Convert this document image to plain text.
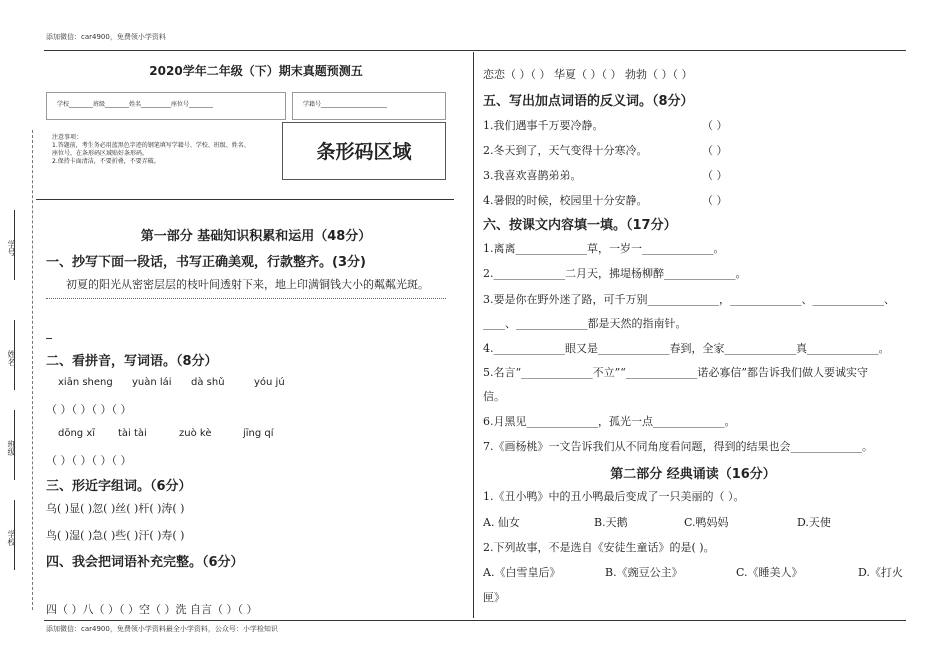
添加微信：car4900，免费领小学资料
添加微信：car4900，免费领小学资料最全小学资料，公众号：小学检知识
学号
姓名
班级
学校
2020学年二年级（下）期末真题预测五
学校________班级________姓名__________座位号________	学籍号______________________
注意事项：
1.答题前，考生务必用蓝黑色字迹的钢笔填写学籍号、学校、班级、姓名、
座位号，在条形码区域贴好条形码。
2.保持卡面清洁，不要折叠，不要弄破。	条形码区域
第一部分 基础知识积累和运用（48分）
一、抄写下面一段话，书写正确美观，行款整齐。(3分)
初夏的阳光从密密层层的枝叶间透射下来，地上印满铜钱大小的粼粼光斑。
二、看拼音，写词语。（8分）
xiān sheng yuàn lái dà shǔ	yóu jú
（ ）（ ）（ ）（ ）
dōng xī tài tài	zuò kè	jīng qí
（ ）（ ）（ ）（ ）
三、形近字组词。（6分）
乌( )显( )忽( )丝( )杆( )涛( )
鸟( )湿( )急( )些( )汗( )寿( )
四、我会把词语补充完整。（6分）
四（ ）八（ ）（ ）空（ ）洗 自言（ ）（ ）
恋恋（ ）（ ） 华夏（ ）（ ） 勃勃（ ）（ ）
五、写出加点词语的反义词。（8分）
1.我们遇事千万要冷静。	（ ）
2.冬天到了，天气变得十分寒冷。	（ ）
3.我喜欢喜鹊弟弟。	（ ）
4.暑假的时候，校园里十分安静。	（ ）
六、按课文内容填一填。（17分）
1.离离_____________草，一岁一_____________。
2._____________二月天，拂堤杨柳醉_____________。
3.要是你在野外迷了路，可千万别_____________，_____________、_____________、
____、_____________都是天然的指南针。
4._____________眼又是_____________春到，全家_____________真_____________。
5.名言“_____________不立”“_____________诺必寡信”都告诉我们做人要诚实守
信。
6.月黑见_____________，孤光一点_____________。
7.《画杨桃》一文告诉我们从不同角度看问题，得到的结果也会_____________。
第二部分 经典诵读（16分）
1.《丑小鸭》中的丑小鸭最后变成了一只美丽的（ ）。
A. 仙女	B.天鹅	C.鸭妈妈	D.天使
2.下列故事，不是选自《安徒生童话》的是( )。
A.《白雪皇后》	B.《豌豆公主》	C.《睡美人》	D.《打火
匣》
